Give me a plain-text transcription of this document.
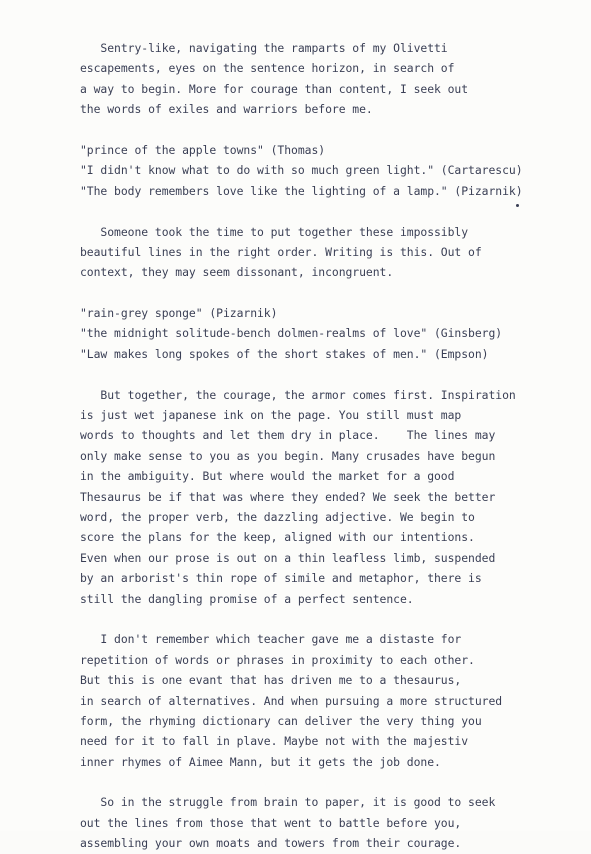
Sentry-like, navigating the ramparts of my Olivetti
escapements, eyes on the sentence horizon, in search of
a way to begin. More for courage than content, I seek out
the words of exiles and warriors before me.
"prince of the apple towns" (Thomas)
"I didn't know what to do with so much green light." (Cartarescu)
"The body remembers love like the lighting of a lamp." (Pizarnik)
Someone took the time to put together these impossibly
beautiful lines in the right order. Writing is this. Out of
context, they may seem dissonant, incongruent.
"rain-grey sponge" (Pizarnik)
"the midnight solitude-bench dolmen-realms of love" (Ginsberg)
"Law makes long spokes of the short stakes of men." (Empson)
But together, the courage, the armor comes first. Inspiration
is just wet japanese ink on the page. You still must map
words to thoughts and let them dry in place.    The lines may
only make sense to you as you begin. Many crusades have begun
in the ambiguity. But where would the market for a good
Thesaurus be if that was where they ended? We seek the better
word, the proper verb, the dazzling adjective. We begin to
score the plans for the keep, aligned with our intentions.
Even when our prose is out on a thin leafless limb, suspended
by an arborist's thin rope of simile and metaphor, there is
still the dangling promise of a perfect sentence.
I don't remember which teacher gave me a distaste for
repetition of words or phrases in proximity to each other.
But this is one evant that has driven me to a thesaurus,
in search of alternatives. And when pursuing a more structured
form, the rhyming dictionary can deliver the very thing you
need for it to fall in plave. Maybe not with the majestiv
inner rhymes of Aimee Mann, but it gets the job done.
So in the struggle from brain to paper, it is good to seek
out the lines from those that went to battle before you,
assembling your own moats and towers from their courage.
